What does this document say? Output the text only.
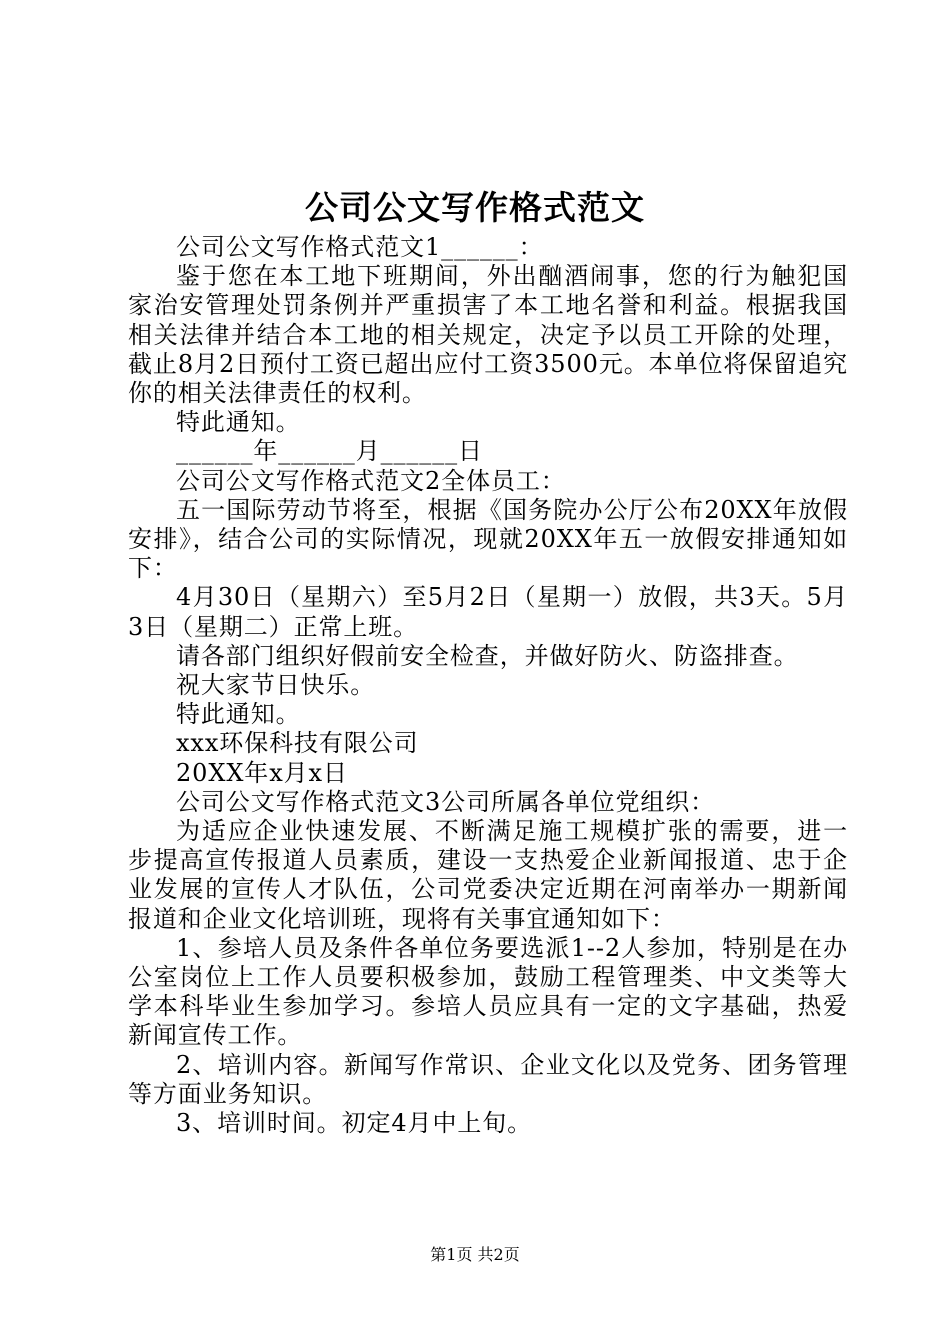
公司公文写作格式范文

公司公文写作格式范文1______：

鉴于您在本工地下班期间，外出酗酒闹事，您的行为触犯国家治安管理处罚条例并严重损害了本工地名誉和利益。根据我国相关法律并结合本工地的相关规定，决定予以员工开除的处理，截止8月2日预付工资已超出应付工资3500元。本单位将保留追究你的相关法律责任的权利。

特此通知。

______年______月______日

公司公文写作格式范文2全体员工：

五一国际劳动节将至，根据《国务院办公厅公布20XX年放假安排》，结合公司的实际情况，现就20XX年五一放假安排通知如下：

4月30日（星期六）至5月2日（星期一）放假，共3天。5月3日（星期二）正常上班。

请各部门组织好假前安全检查，并做好防火、防盗排查。

祝大家节日快乐。

特此通知。

xxx环保科技有限公司

20XX年x月x日

公司公文写作格式范文3公司所属各单位党组织：

为适应企业快速发展、不断满足施工规模扩张的需要，进一步提高宣传报道人员素质，建设一支热爱企业新闻报道、忠于企业发展的宣传人才队伍，公司党委决定近期在河南举办一期新闻报道和企业文化培训班，现将有关事宜通知如下：

1、参培人员及条件各单位务要选派1--2人参加，特别是在办公室岗位上工作人员要积极参加，鼓励工程管理类、中文类等大学本科毕业生参加学习。参培人员应具有一定的文字基础，热爱新闻宣传工作。

2、培训内容。新闻写作常识、企业文化以及党务、团务管理等方面业务知识。

3、培训时间。初定4月中上旬。

第1页 共2页
